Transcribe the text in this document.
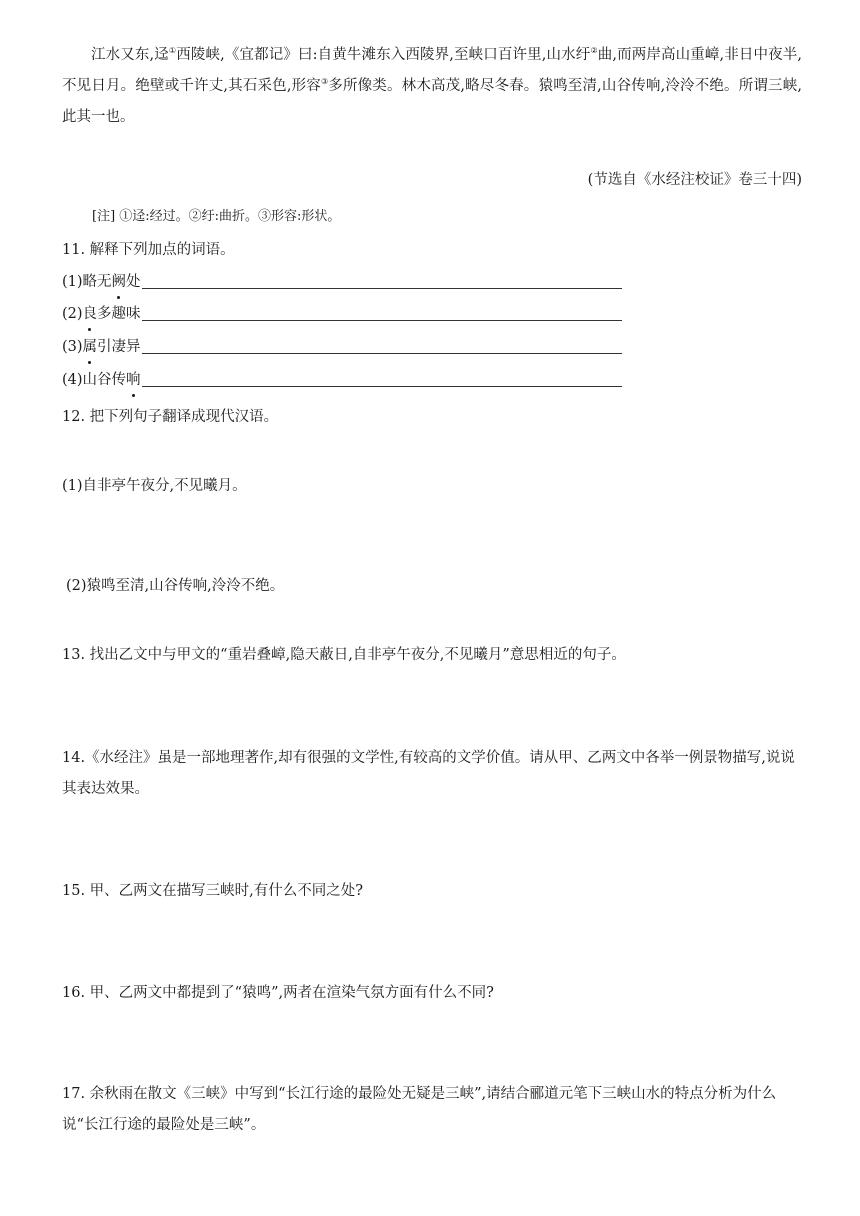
江水又东,迳①西陵峡,《宜都记》曰:自黄牛滩东入西陵界,至峡口百许里,山水纡②曲,而两岸高山重嶂,非日中夜半,不见日月。绝壁或千许丈,其石采色,形容③多所像类。林木高茂,略尽冬春。猿鸣至清,山谷传响,泠泠不绝。所谓三峡,此其一也。
(节选自《水经注校证》卷三十四)
[注] ①迳:经过。②纡:曲折。③形容:形状。
11. 解释下列加点的词语。
(1)略无阙处
(2)良多趣味
(3)属引凄异
(4)山谷传响
12. 把下列句子翻译成现代汉语。
(1)自非亭午夜分,不见曦月。
(2)猿鸣至清,山谷传响,泠泠不绝。
13. 找出乙文中与甲文的“重岩叠嶂,隐天蔽日,自非亭午夜分,不见曦月”意思相近的句子。
14.《水经注》虽是一部地理著作,却有很强的文学性,有较高的文学价值。请从甲、乙两文中各举一例景物描写,说说其表达效果。
15. 甲、乙两文在描写三峡时,有什么不同之处?
16. 甲、乙两文中都提到了“猿鸣”,两者在渲染气氛方面有什么不同?
17. 余秋雨在散文《三峡》中写到“长江行途的最险处无疑是三峡”,请结合郦道元笔下三峡山水的特点分析为什么说“长江行途的最险处是三峡”。
